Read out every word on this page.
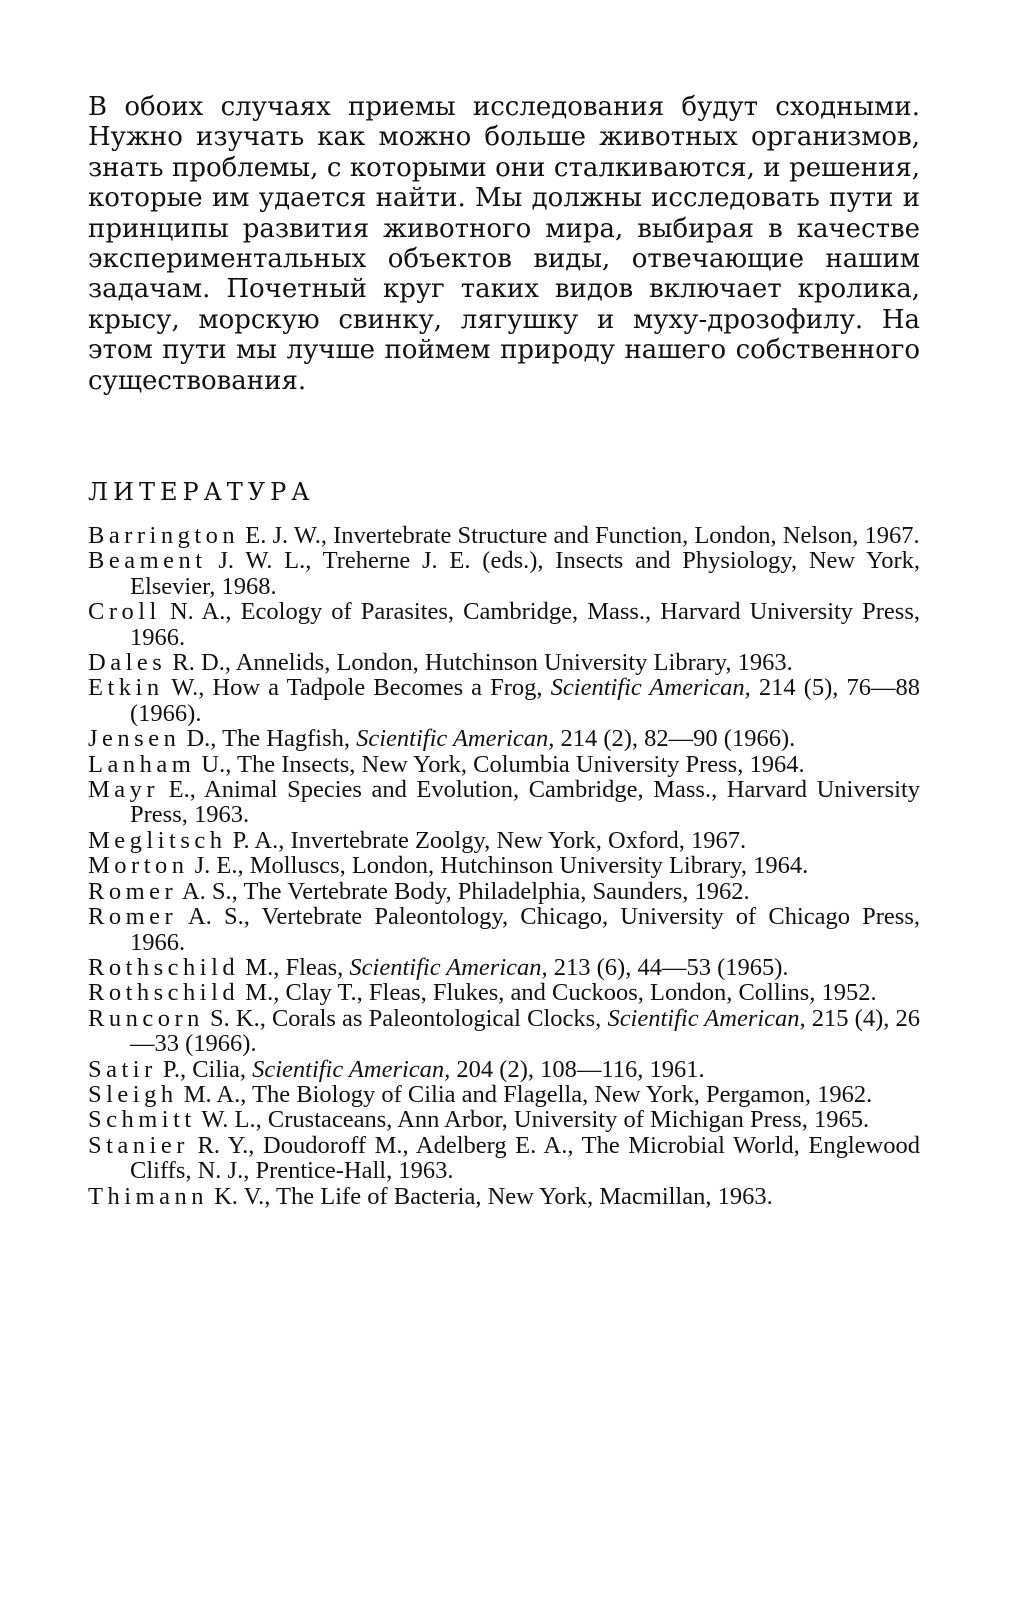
В обоих случаях приемы исследования будут сходными. Нужно изучать как можно больше животных организмов, знать проблемы, с которыми они сталкиваются, и решения, которые им удается найти. Мы должны исследовать пути и принципы развития животного мира, выбирая в качестве экспериментальных объектов виды, отвечающие нашим задачам. Почетный круг таких видов включает кролика, крысу, морскую свинку, лягушку и муху-дрозофилу. На этом пути мы лучше поймем природу нашего собственного существования.

ЛИТЕРАТУРА
Barrington E. J. W., Invertebrate Structure and Function, London, Nelson, 1967.
Beament J. W. L., Treherne J. E. (eds.), Insects and Physiology, New York, Elsevier, 1968.
Croll N. A., Ecology of Parasites, Cambridge, Mass., Harvard University Press, 1966.
Dales R. D., Annelids, London, Hutchinson University Library, 1963.
Etkin W., How a Tadpole Becomes a Frog, Scientific American, 214 (5), 76—88 (1966).
Jensen D., The Hagfish, Scientific American, 214 (2), 82—90 (1966).
Lanham U., The Insects, New York, Columbia University Press, 1964.
Mayr E., Animal Species and Evolution, Cambridge, Mass., Harvard University Press, 1963.
Meglitsch P. A., Invertebrate Zoolgy, New York, Oxford, 1967.
Morton J. E., Molluscs, London, Hutchinson University Library, 1964.
Romer A. S., The Vertebrate Body, Philadelphia, Saunders, 1962.
Romer A. S., Vertebrate Paleontology, Chicago, University of Chicago Press, 1966.
Rothschild M., Fleas, Scientific American, 213 (6), 44—53 (1965).
Rothschild M., Clay T., Fleas, Flukes, and Cuckoos, London, Collins, 1952.
Runcorn S. K., Corals as Paleontological Clocks, Scientific American, 215 (4), 26—33 (1966).
Satir P., Cilia, Scientific American, 204 (2), 108—116, 1961.
Sleigh M. A., The Biology of Cilia and Flagella, New York, Pergamon, 1962.
Schmitt W. L., Crustaceans, Ann Arbor, University of Michigan Press, 1965.
Stanier R. Y., Doudoroff M., Adelberg E. A., The Microbial World, Englewood Cliffs, N. J., Prentice-Hall, 1963.
Thimann K. V., The Life of Bacteria, New York, Macmillan, 1963.
